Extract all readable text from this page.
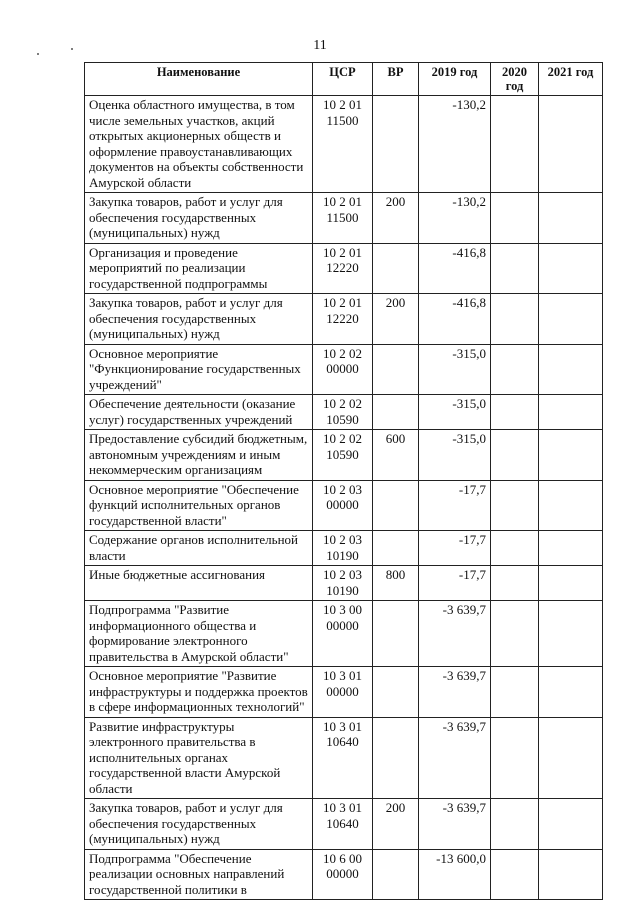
11
Наименование	ЦСР	ВР	2019 год	2020 год	2021 год
Оценка областного имущества, в том числе земельных участков, акций открытых акционерных обществ и оформление правоустанавливающих документов на объекты собственности Амурской области	10 2 01 11500		-130,2		
Закупка товаров, работ и услуг для обеспечения государственных (муниципальных) нужд	10 2 01 11500	200	-130,2		
Организация и проведение мероприятий по реализации государственной подпрограммы	10 2 01 12220		-416,8		
Закупка товаров, работ и услуг для обеспечения государственных (муниципальных) нужд	10 2 01 12220	200	-416,8		
Основное мероприятие "Функционирование государственных учреждений"	10 2 02 00000		-315,0		
Обеспечение деятельности (оказание услуг) государственных учреждений	10 2 02 10590		-315,0		
Предоставление субсидий бюджетным, автономным учреждениям и иным некоммерческим организациям	10 2 02 10590	600	-315,0		
Основное мероприятие "Обеспечение функций исполнительных органов государственной власти"	10 2 03 00000		-17,7		
Содержание органов исполнительной власти	10 2 03 10190		-17,7		
Иные бюджетные ассигнования	10 2 03 10190	800	-17,7		
Подпрограмма "Развитие информационного общества и формирование электронного правительства в Амурской области"	10 3 00 00000		-3 639,7		
Основное мероприятие "Развитие инфраструктуры и поддержка проектов в сфере информационных технологий"	10 3 01 00000		-3 639,7		
Развитие инфраструктуры электронного правительства в исполнительных органах государственной власти Амурской области	10 3 01 10640		-3 639,7		
Закупка товаров, работ и услуг для обеспечения государственных (муниципальных) нужд	10 3 01 10640	200	-3 639,7		
Подпрограмма "Обеспечение реализации основных направлений государственной политики в	10 6 00 00000		-13 600,0		
